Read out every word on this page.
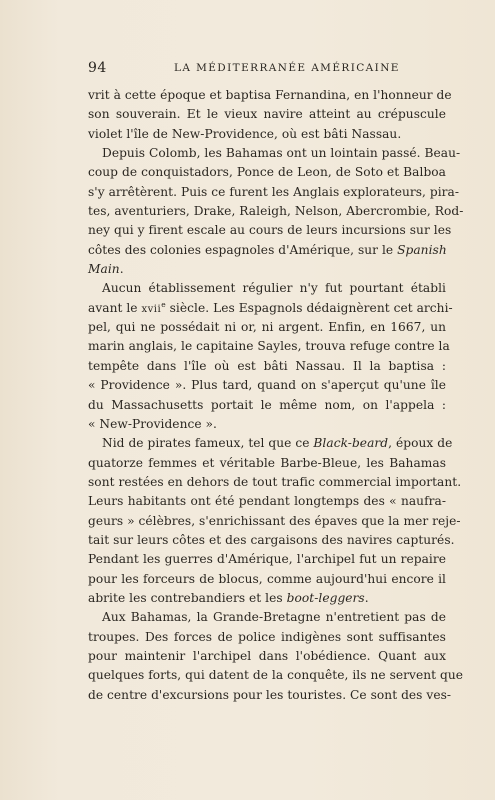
94	LA MÉDITERRANÉE AMÉRICAINE
vrit à cette époque et baptisa Fernandina, en l'honneur de
son souverain. Et le vieux navire atteint au crépuscule
violet l'île de New-Providence, où est bâti Nassau.
Depuis Colomb, les Bahamas ont un lointain passé. Beau-
coup de conquistadors, Ponce de Leon, de Soto et Balboa
s'y arrêtèrent. Puis ce furent les Anglais explorateurs, pira-
tes, aventuriers, Drake, Raleigh, Nelson, Abercrombie, Rod-
ney qui y firent escale au cours de leurs incursions sur les
côtes des colonies espagnoles d'Amérique, sur le Spanish
Main.
Aucun établissement régulier n'y fut pourtant établi
avant le xvii$^e$ siècle. Les Espagnols dédaignèrent cet archi-
pel, qui ne possédait ni or, ni argent. Enfin, en 1667, un
marin anglais, le capitaine Sayles, trouva refuge contre la
tempête dans l'île où est bâti Nassau. Il la baptisa :
« Providence ». Plus tard, quand on s'aperçut qu'une île
du Massachusetts portait le même nom, on l'appela :
« New-Providence ».
Nid de pirates fameux, tel que ce Black-beard, époux de
quatorze femmes et véritable Barbe-Bleue, les Bahamas
sont restées en dehors de tout trafic commercial important.
Leurs habitants ont été pendant longtemps des « naufra-
geurs » célèbres, s'enrichissant des épaves que la mer reje-
tait sur leurs côtes et des cargaisons des navires capturés.
Pendant les guerres d'Amérique, l'archipel fut un repaire
pour les forceurs de blocus, comme aujourd'hui encore il
abrite les contrebandiers et les boot-leggers.
Aux Bahamas, la Grande-Bretagne n'entretient pas de
troupes. Des forces de police indigènes sont suffisantes
pour maintenir l'archipel dans l'obédience. Quant aux
quelques forts, qui datent de la conquête, ils ne servent que
de centre d'excursions pour les touristes. Ce sont des ves-
